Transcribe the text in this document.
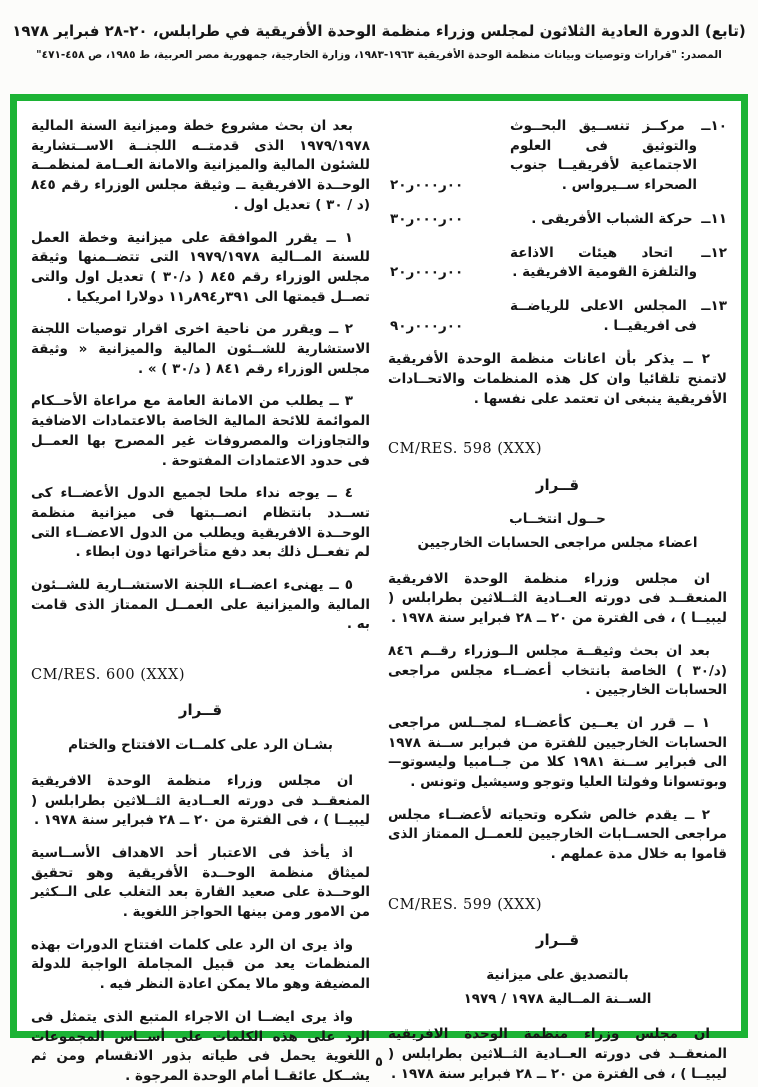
(تابع) الدورة العادية الثلاثون لمجلس وزراء منظمة الوحدة الأفريقية في طرابلس، ٢٠-٢٨ فبراير ١٩٧٨
المصدر: "قرارات وتوصيات وبيانات منظمة الوحدة الأفريقية ١٩٦٣-١٩٨٣، وزارة الخارجية، جمهورية مصر العربية، ط ١٩٨٥، ص ٤٥٨-٤٧١"
١٠ــ مركــز تنســيق البحــوث والتوثيق فى العلوم الاجتماعية لأفريقيــا جنوب الصحراء ســيرواس .
٠٠ر٠٠٠ر٢٠
١١ــ حركة الشباب الأفريقى .
٠٠ر٠٠٠ر٣٠
١٢ــ اتحاد هيئات الاذاعة والتلفزة القومية الافريقية .
٠٠ر٠٠٠ر٢٠
١٣ــ المجلس الاعلى للرياضــة فى افريقيــا .
٠٠ر٠٠٠ر٩٠

٢ ــ يذكر بأن اعانات منظمة الوحدة الأفريقية لاتمنح تلقائيا وان كل هذه المنظمات والاتحــادات الأفريقية ينبغى ان تعتمد على نفسها .

CM/RES. 598 (XXX)
قــرار
حــول انتخــاب
اعضاء مجلس مراجعى الحسابات الخارجيين

ان مجلس وزراء منظمة الوحدة الافريقية المنعقــد فى دورته العــادية الثــلاثين بطرابلس ( ليبيــا ) ، فى الفترة من ٢٠ ــ ٢٨ فبراير سنة ١٩٧٨ .

بعد ان بحث وثيقــة مجلس الــوزراء رقــم ٨٤٦ (د/٣٠ ) الخاصة بانتخاب أعضــاء مجلس مراجعى الحسابات الخارجيين .

١ ــ قرر ان يعــين كأعضــاء لمجــلس مراجعى الحسابات الخارجيين للفترة من فبراير ســنة ١٩٧٨ الى فبراير ســنة ١٩٨١ كلا من جــامبيا وليسوتو— وبوتسوانا وفولتا العليا وتوجو وسيشيل وتونس .

٢ ــ يقدم خالص شكره وتحياته لأعضــاء مجلس مراجعى الحســابات الخارجيين للعمــل الممتاز الذى قاموا به خلال مدة عملهم .

CM/RES. 599 (XXX)
قــرار
بالتصديق على ميزانية
الســنة المــالية ١٩٧٨ / ١٩٧٩

ان مجلس وزراء منظمة الوحدة الافريقية المنعقــد فى دورته العــادية الثــلاثين بطرابلس ( ليبيــا ) ، فى الفترة من ٢٠ ــ ٢٨ فبراير سنة ١٩٧٨ .

بعد ان بحث مشروع خطة وميزانية السنة المالية ١٩٧٩/١٩٧٨ الذى قدمتــه اللجنــة الاســتشارية للشئون المالية والميزانية والامانة العــامة لمنظمــة الوحــدة الافريقية ــ وثيقة مجلس الوزراء رقم ٨٤٥ (د / ٣٠ ) تعديل اول .

١ ــ يقرر الموافقة على ميزانية وخطة العمل للسنة المــالية ١٩٧٩/١٩٧٨ التى تتضــمنها وثيقة مجلس الوزراء رقم ٨٤٥ ( د/٣٠ ) تعديل اول والتى تصــل قيمتها الى ٣٩١ر٨٩٤ر١١ دولارا امريكيا .

٢ ــ ويقرر من ناحية اخرى اقرار توصيات اللجنة الاستشارية للشــئون المالية والميزانية « وثيقة مجلس الوزراء رقم ٨٤١ ( د/٣٠ ) » .

٣ ــ يطلب من الامانة العامة مع مراعاة الأحــكام الموائمة للائحة المالية الخاصة بالاعتمادات الاضافية والتجاوزات والمصروفات غير المصرح بها العمــل فى حدود الاعتمادات المفتوحة .

٤ ــ يوجه نداء ملحا لجميع الدول الأعضــاء كى تســدد بانتظام انصــبتها فى ميزانية منظمة الوحــدة الافريقية ويطلب من الدول الاعضــاء التى لم تفعــل ذلك بعد دفع متأخراتها دون ابطاء .

٥ ــ يهنىء اعضــاء اللجنة الاستشــارية للشــئون المالية والميزانية على العمــل الممتاز الذى قامت به .

CM/RES. 600 (XXX)
قــرار
بشـان الرد على كلمــات الافتتاح والختام

ان مجلس وزراء منظمة الوحدة الافريقية المنعقــد فى دورته العــادية الثــلاثين بطرابلس ( ليبيــا ) ، فى الفترة من ٢٠ ــ ٢٨ فبراير سنة ١٩٧٨ .

اذ يأخذ فى الاعتبار أحد الاهداف الأســاسية لميثاق منظمة الوحــدة الأفريقية وهو تحقيق الوحــدة على صعيد القارة بعد التغلب على الــكثير من الامور ومن بينها الحواجز اللغوية .

واذ يرى ان الرد على كلمات افتتاح الدورات بهذه المنظمات يعد من قبيل المجاملة الواجبة للدولة المضيفة وهو مالا يمكن اعادة النظر فيه .

واذ يرى ايضــا ان الاجراء المتبع الذى يتمثل فى الرد على هذه الكلمات على أســاس المجموعات اللغوية يحمل فى طياته بذور الانقسام ومن ثم يشــكل عائقــا أمام الوحدة المرجوة .

٥
